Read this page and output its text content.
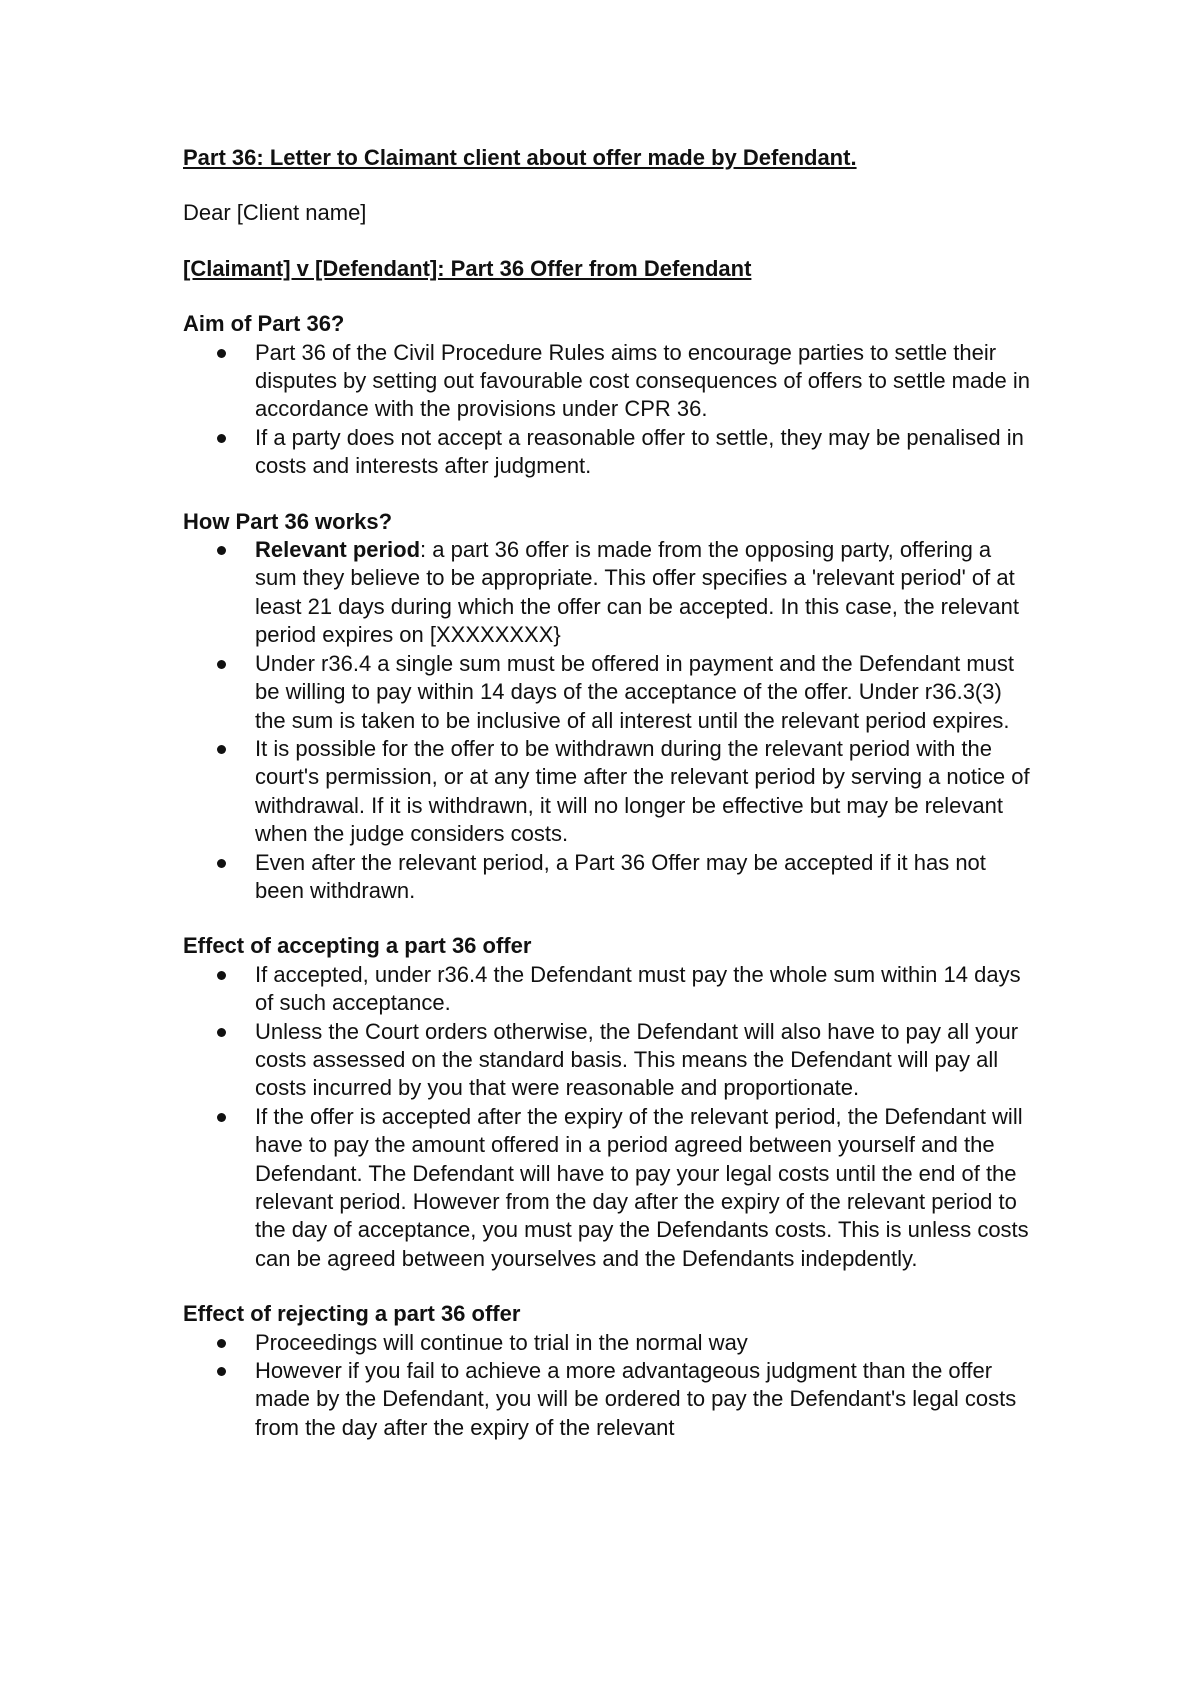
Part 36: Letter to Claimant client about offer made by Defendant.

Dear [Client name]

[Claimant] v [Defendant]: Part 36 Offer from Defendant

Aim of Part 36?

Part 36 of the Civil Procedure Rules aims to encourage parties to settle their disputes by setting out favourable cost consequences of offers to settle made in accordance with the provisions under CPR 36.
If a party does not accept a reasonable offer to settle, they may be penalised in costs and interests after judgment.

How Part 36 works?

Relevant period: a part 36 offer is made from the opposing party, offering a sum they believe to be appropriate. This offer specifies a 'relevant period' of at least 21 days during which the offer can be accepted. In this case, the relevant period expires on [XXXXXXXX}
Under r36.4 a single sum must be offered in payment and the Defendant must be willing to pay within 14 days of the acceptance of the offer. Under r36.3(3) the sum is taken to be inclusive of all interest until the relevant period expires.
It is possible for the offer to be withdrawn during the relevant period with the court's permission, or at any time after the relevant period by serving a notice of withdrawal. If it is withdrawn, it will no longer be effective but may be relevant when the judge considers costs.
Even after the relevant period, a Part 36 Offer may be accepted if it has not been withdrawn.

Effect of accepting a part 36 offer

If accepted, under r36.4 the Defendant must pay the whole sum within 14 days of such acceptance.
Unless the Court orders otherwise, the Defendant will also have to pay all your costs assessed on the standard basis. This means the Defendant will pay all costs incurred by you that were reasonable and proportionate.
If the offer is accepted after the expiry of the relevant period, the Defendant will have to pay the amount offered in a period agreed between yourself and the Defendant. The Defendant will have to pay your legal costs until the end of the relevant period. However from the day after the expiry of the relevant period to the day of acceptance, you must pay the Defendants costs. This is unless costs can be agreed between yourselves and the Defendants indepdently.

Effect of rejecting a part 36 offer

Proceedings will continue to trial in the normal way
However if you fail to achieve a more advantageous judgment than the offer made by the Defendant, you will be ordered to pay the Defendant's legal costs from the day after the expiry of the relevant
